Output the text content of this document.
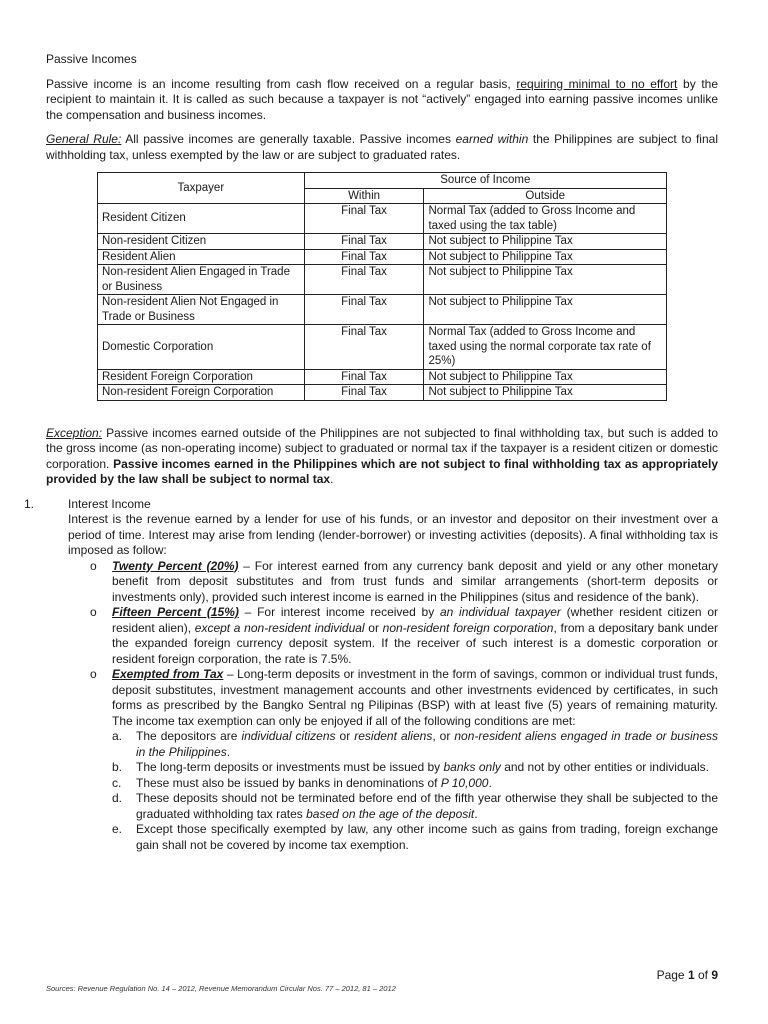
Passive Incomes

Passive income is an income resulting from cash flow received on a regular basis, requiring minimal to no effort by the recipient to maintain it. It is called as such because a taxpayer is not “actively” engaged into earning passive incomes unlike the compensation and business incomes.

General Rule: All passive incomes are generally taxable. Passive incomes earned within the Philippines are subject to final withholding tax, unless exempted by the law or are subject to graduated rates.

Taxpayer	Source of Income	
	Within	Outside
Resident Citizen	Final Tax	Normal Tax (added to Gross Income and taxed using the tax table)
Non-resident Citizen	Final Tax	Not subject to Philippine Tax
Resident Alien	Final Tax	Not subject to Philippine Tax
Non-resident Alien Engaged in Trade or Business	Final Tax	Not subject to Philippine Tax
Non-resident Alien Not Engaged in Trade or Business	Final Tax	Not subject to Philippine Tax
Domestic Corporation	Final Tax	Normal Tax (added to Gross Income and taxed using the normal corporate tax rate of 25%)
Resident Foreign Corporation	Final Tax	Not subject to Philippine Tax
Non-resident Foreign Corporation	Final Tax	Not subject to Philippine Tax

Exception: Passive incomes earned outside of the Philippines are not subjected to final withholding tax, but such is added to the gross income (as non-operating income) subject to graduated or normal tax if the taxpayer is a resident citizen or domestic corporation. Passive incomes earned in the Philippines which are not subject to final withholding tax as appropriately provided by the law shall be subject to normal tax.

1.	Interest Income
Interest is the revenue earned by a lender for use of his funds, or an investor and depositor on their investment over a period of time. Interest may arise from lending (lender-borrower) or investing activities (deposits). A final withholding tax is imposed as follow:
o Twenty Percent (20%) – For interest earned from any currency bank deposit and yield or any other monetary benefit from deposit substitutes and from trust funds and similar arrangements (short-term deposits or investments only), provided such interest income is earned in the Philippines (situs and residence of the bank).
o Fifteen Percent (15%) – For interest income received by an individual taxpayer (whether resident citizen or resident alien), except a non-resident individual or non-resident foreign corporation, from a depositary bank under the expanded foreign currency deposit system. If the receiver of such interest is a domestic corporation or resident foreign corporation, the rate is 7.5%.
o Exempted from Tax – Long-term deposits or investment in the form of savings, common or individual trust funds, deposit substitutes, investment management accounts and other investrnents evidenced by certificates, in such forms as prescribed by the Bangko Sentral ng Pilipinas (BSP) with at least five (5) years of remaining maturity. The income tax exemption can only be enjoyed if all of the following conditions are met:
a. The depositors are individual citizens or resident aliens, or non-resident aliens engaged in trade or business in the Philippines.
b. The long-term deposits or investments must be issued by banks only and not by other entities or individuals.
c. These must also be issued by banks in denominations of P 10,000.
d. These deposits should not be terminated before end of the fifth year otherwise they shall be subjected to the graduated withholding tax rates based on the age of the deposit.
e. Except those specifically exempted by law, any other income such as gains from trading, foreign exchange gain shall not be covered by income tax exemption.
Page 1 of 9
Sources: Revenue Regulation No. 14 – 2012, Revenue Memorandum Circular Nos. 77 – 2012, 81 – 2012
